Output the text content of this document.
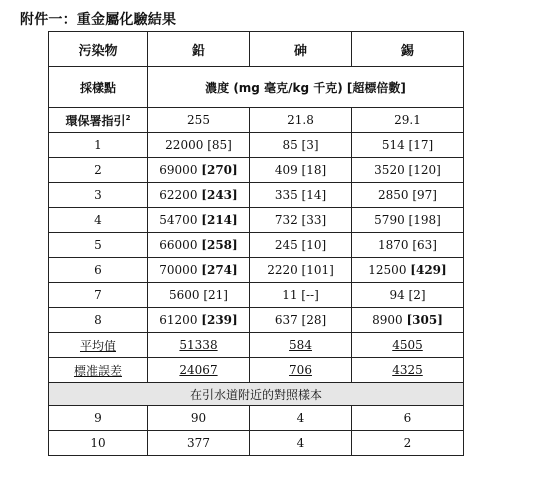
附件一：重金屬化驗結果
污染物	鉛	砷	錫
採樣點	濃度 (mg 毫克/kg 千克) [超標倍數]		
環保署指引$^2$	255	21.8	29.1
1	22000 [85]	85 [3]	514 [17]
2	69000 [270]	409 [18]	3520 [120]
3	62200 [243]	335 [14]	2850 [97]
4	54700 [214]	732 [33]	5790 [198]
5	66000 [258]	245 [10]	1870 [63]
6	70000 [274]	2220 [101]	12500 [429]
7	5600 [21]	11 [--]	94 [2]
8	61200 [239]	637 [28]	8900 [305]
平均值	51338	584	4505
標准誤差	24067	706	4325
在引水道附近的對照樣本			
9	90	4	6
10	377	4	2
